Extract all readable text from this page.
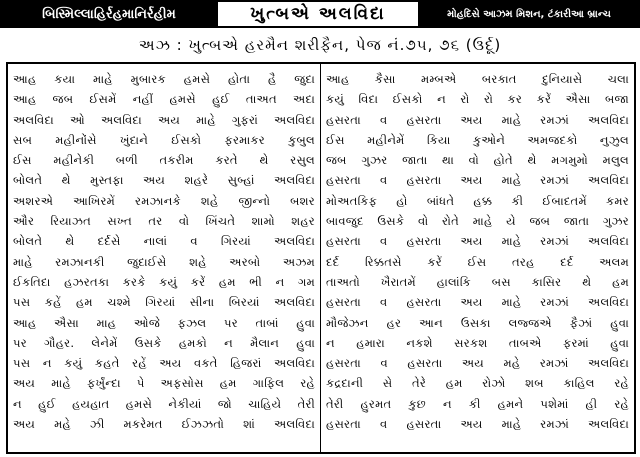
બિસ્મિલ્લાહિર્રહમાનિર્રહીમ	ખુત્બએ અલવિદા	મોહદિસે આઝમ મિશન, ટંકારીઆ બ્રાન્ચ
અઝ : ખુત્બએ હરમૈન શરીફૈન, પેજ નં.૭૫, ૭૬ (ઉર્દૂ)
આહ કયા માહે મુબારક હમસે હોતા હૈ જુદા
આહ જબ ઈસમેં નહીં હમસે હુઈ તાઅત અદા
અલવિદા ઓ અલવિદા અય માહે ગુફરાં અલવિદા
સબ મહીનોંસે ખુંદાને ઈસકો ફરમાકર કુબુલ
ઈસ મહીનેકી બળી તકરીમ કરતે થે રસુલ
બોલતે થે મુસ્તફા અય શહરે સુબ્હાં અલવિદા
અશરએ આખિરમેં રમઝાનકે શહે જીન્નો બશર
ઔર રિયાઝત સખ્ત તર વો ખિંચતે શામો શહર
બોલતે થે દર્દસે નાલાં વ ગિરયાં અલવિદા
માહે રમઝાનકી જુદાઈસે શહે અરબો અઝમ
ઈકતિદા હઝરતકા કરકે કયું કરેં હમ ભી ન ગમ
પસ કહેં હમ ચશ્મે ગિરયાં સીના બિરયાં અલવિદા
આહ ઐસા માહ ઓજે ફઝલ પર તાબાં હુવા
પર ગૌહર. લેનેમેં ઉસકે હમકો ન મૈલાન હુવા
પસ ન કયું કહતે રહેં અય વકતે હિજરાં અલવિદા
અય માહે ફર્ખુંન્દા પે અફસોસ હમ ગાફિલ રહે
ન હુઈ હયહાત હમસે નેકીયાં જો ચાહિયે તેરી
અય મહે ઝી મકરેમત ઈઝઝતો શાં અલવિદા
આહ કૈસા મમ્બએ બરકાત દુનિયાસે ચલા
કયું વિદા ઈસકો ન રો રો કર કરેં ઐસા બજા
હસરતા વ હસરતા અય માહે રમઝાં અલવિદા
ઈસ મહીનેમેં કિયા કુઓને અમજદકો નુઝુલ
જબ ગુઝર જાતા થા વો હોતે થે મગમુમો મલુલ
હસરતા વ હસરતા અય માહે રમઝાં અલવિદા
મોઅતકિફ હો બાંધતે હક્ક કી ઈબાદતમેં કમર
બાવજુદ ઉસકે વો રોતે માહે યે જબ જાતા ગુઝર
હસરતા વ હસરતા અય માહે રમઝાં અલવિદા
દર્દ રિક્કતસે કરેં ઈસ તરહ દર્દ અલમ
તાઅતો ખૈરાતમેં હાલાંકિ બસ કાસિર થે હમ
હસરતા વ હસરતા અય માહે રમઝાં અલવિદા
મૌજેઝન હર આન ઉસકા લજ્જએ ફૈઝાં હુવા
ન હમારા નકશે સરકશ તાબએ ફરમાં હુવા
હસરતા વ હસરતા અય મહે રમઝાં અલવિદા
કદ્રદાની સે તેરે હમ રોઝો શબ કાહિલ રહે
તેરી હુરમત કુછ ન કી હમને પશેમાં હી રહે
હસરતા વ હસરતા અય માહે રમઝાં અલવિદા
